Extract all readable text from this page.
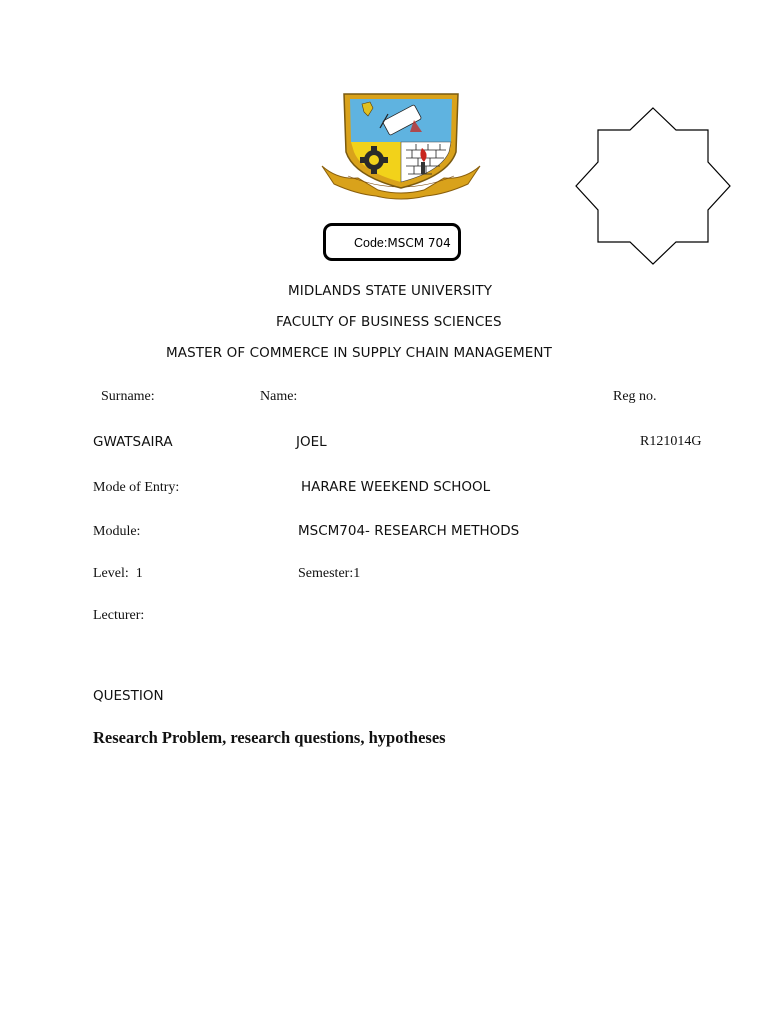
Code:MSCM 704
MIDLANDS STATE UNIVERSITY
FACULTY OF BUSINESS SCIENCES
MASTER OF COMMERCE IN SUPPLY CHAIN MANAGEMENT
Surname:	Name:	Reg no.
GWATSAIRA	JOEL	R121014G
Mode of Entry:	HARARE WEEKEND SCHOOL
Module:	MSCM704- RESEARCH METHODS
Level:  1	Semester:1
Lecturer:
QUESTION
Research Problem, research questions, hypotheses
